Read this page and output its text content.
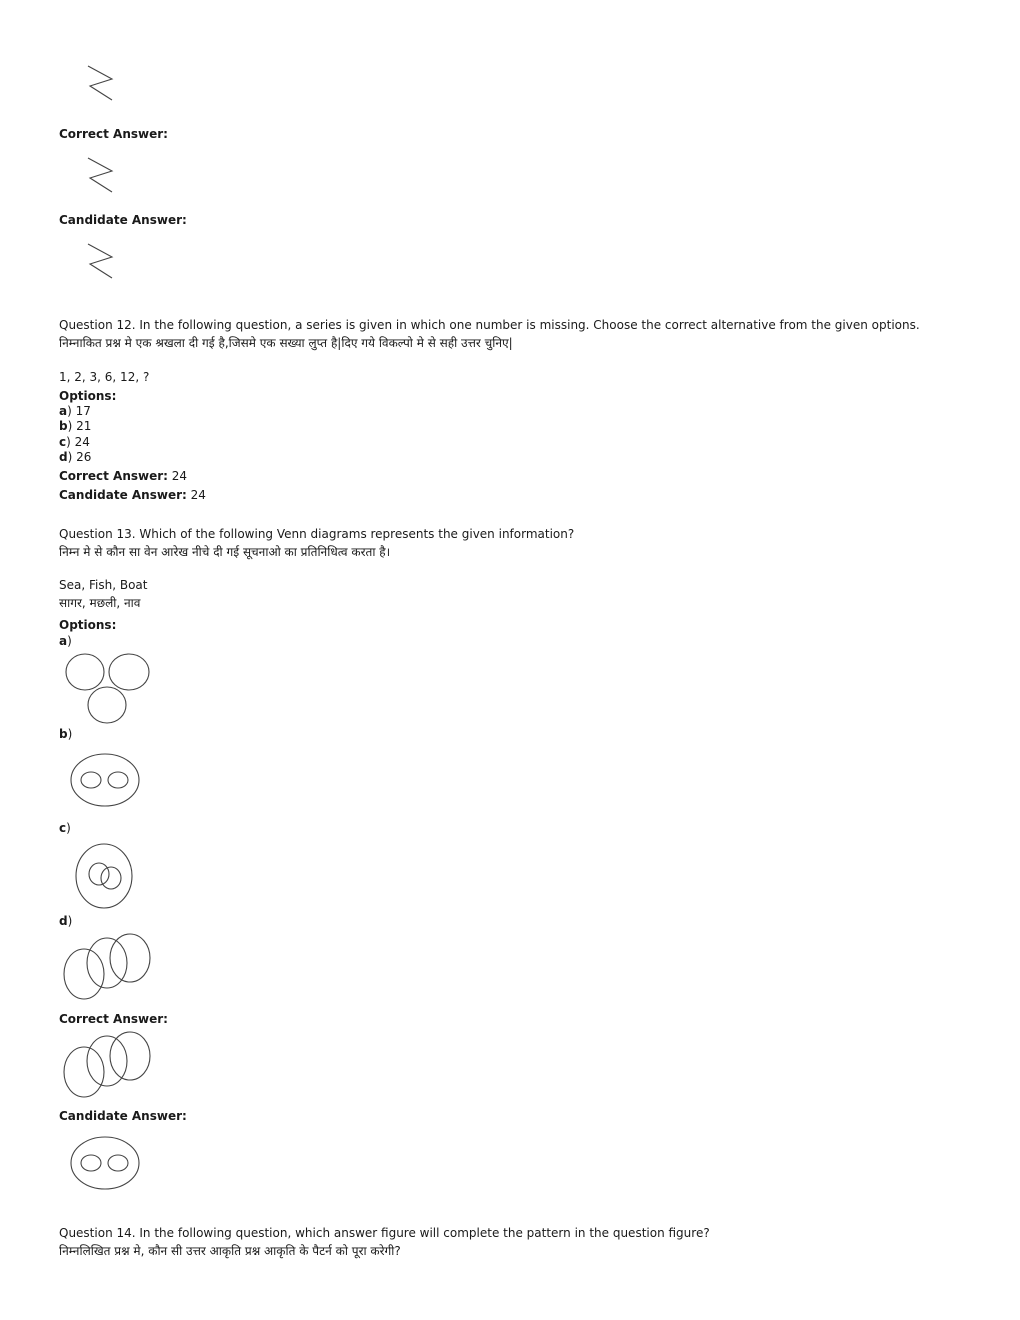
Correct Answer:
Candidate Answer:
Question 12. In the following question, a series is given in which one number is missing. Choose the correct alternative from the given options.
निम्नाकित प्रश्न मे एक श्रखला दी गई है,जिसमे एक सख्या लुप्त है|दिए गये विकल्पो मे से सही उत्तर चुनिए|
1, 2, 3, 6, 12, ?
Options:
a) 17
b) 21
c) 24
d) 26
Correct Answer: 24
Candidate Answer: 24
Question 13. Which of the following Venn diagrams represents the given information?
निम्न मे से कौन सा वेन आरेख नीचे दी गई सूचनाओ का प्रतिनिधित्व करता है।
Sea, Fish, Boat
सागर, मछली, नाव
Options:
a)
b)
c)
d)
Correct Answer:
Candidate Answer:
Question 14. In the following question, which answer figure will complete the pattern in the question figure?
निम्नलिखित प्रश्न मे, कौन सी उत्तर आकृति प्रश्न आकृति के पैटर्न को पूरा करेगी?
